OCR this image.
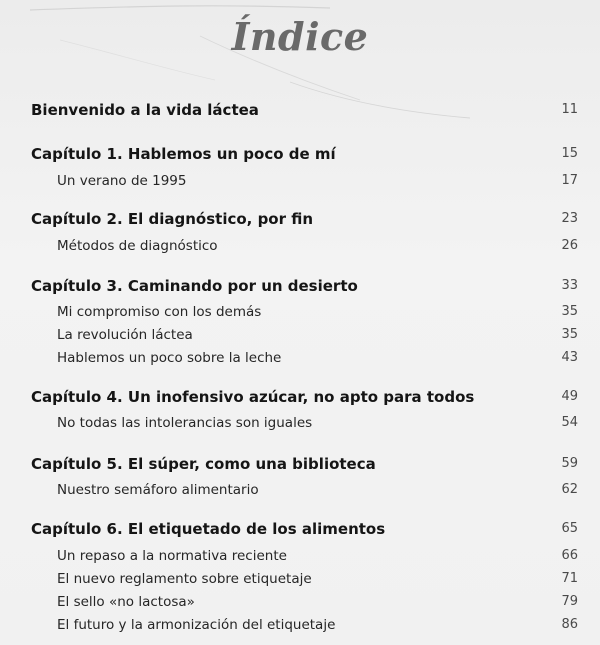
Índice
Bienvenido a la vida láctea	11
Capítulo 1. Hablemos un poco de mí	15
Un verano de 1995	17
Capítulo 2. El diagnóstico, por fin	23
Métodos de diagnóstico	26
Capítulo 3. Caminando por un desierto	33
Mi compromiso con los demás	35
La revolución láctea	35
Hablemos un poco sobre la leche	43
Capítulo 4. Un inofensivo azúcar, no apto para todos	49
No todas las intolerancias son iguales	54
Capítulo 5. El súper, como una biblioteca	59
Nuestro semáforo alimentario	62
Capítulo 6. El etiquetado de los alimentos	65
Un repaso a la normativa reciente	66
El nuevo reglamento sobre etiquetaje	71
El sello «no lactosa»	79
El futuro y la armonización del etiquetaje	86
